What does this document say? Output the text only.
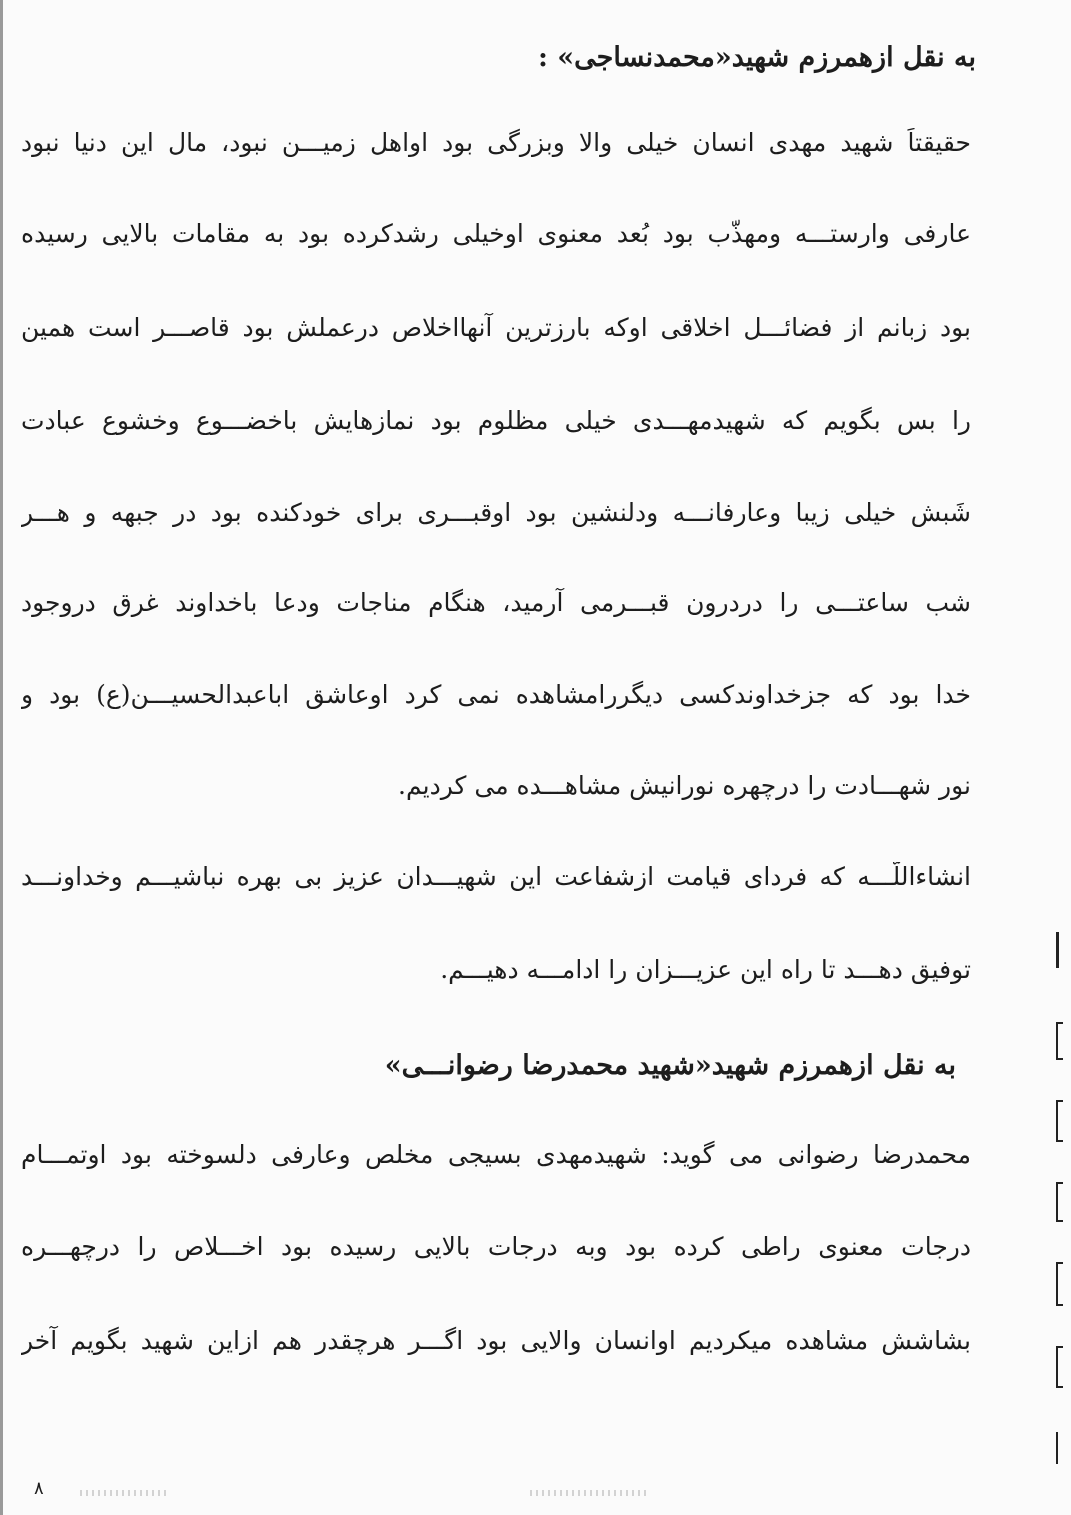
به نقل ازهمرزم شهید«محمدنساجی» :
حقیقتاً شهید مهدی انسان خیلی والا وبزرگی بود اواهل زمیـــن نبود، مال این دنیا نبود
عارفی وارستـــه ومهذّب بود بُعد معنوی اوخیلی رشدکرده بود به مقامات بالایی رسیده
بود زبانم از فضائـــل اخلاقی اوکه بارزترین آنهااخلاص درعملش بود قاصـــر است همین
را بس بگویم که شهیدمهـــدی خیلی مظلوم بود نمازهایش باخضـــوع وخشوع عبادت
شَبش خیلی زیبا وعارفانـــه ودلنشین بود اوقبـــری برای خودکنده بود در جبهه و هـــر
شب ساعتـــی را دردرون قبـــرمی آرمید، هنگام مناجات ودعا باخداوند غرق دروجود
خدا بود که جزخداوندکسی دیگررامشاهده نمی کرد اوعاشق اباعبدالحسیـــن(ع) بود و
نور شهـــادت را درچهره نورانیش مشاهـــده می کردیم.
انشاءاللّـــه که فردای قیامت ازشفاعت این شهیـــدان عزیز بی بهره نباشیـــم وخداونـــد
توفیق دهـــد تا راه این عزیـــزان را ادامـــه دهیـــم.
به نقل ازهمرزم شهید«شهید محمدرضا رضوانـــی»
محمدرضا رضوانی می گوید: شهیدمهدی بسیجی مخلص وعارفی دلسوخته بود اوتمـــام
درجات معنوی راطی کرده بود وبه درجات بالایی رسیده بود اخـــلاص را درچهـــره
بشاشش مشاهده میکردیم اوانسان والایی بود اگـــر هرچقدر هم ازاین شهید بگویم آخر
۸
